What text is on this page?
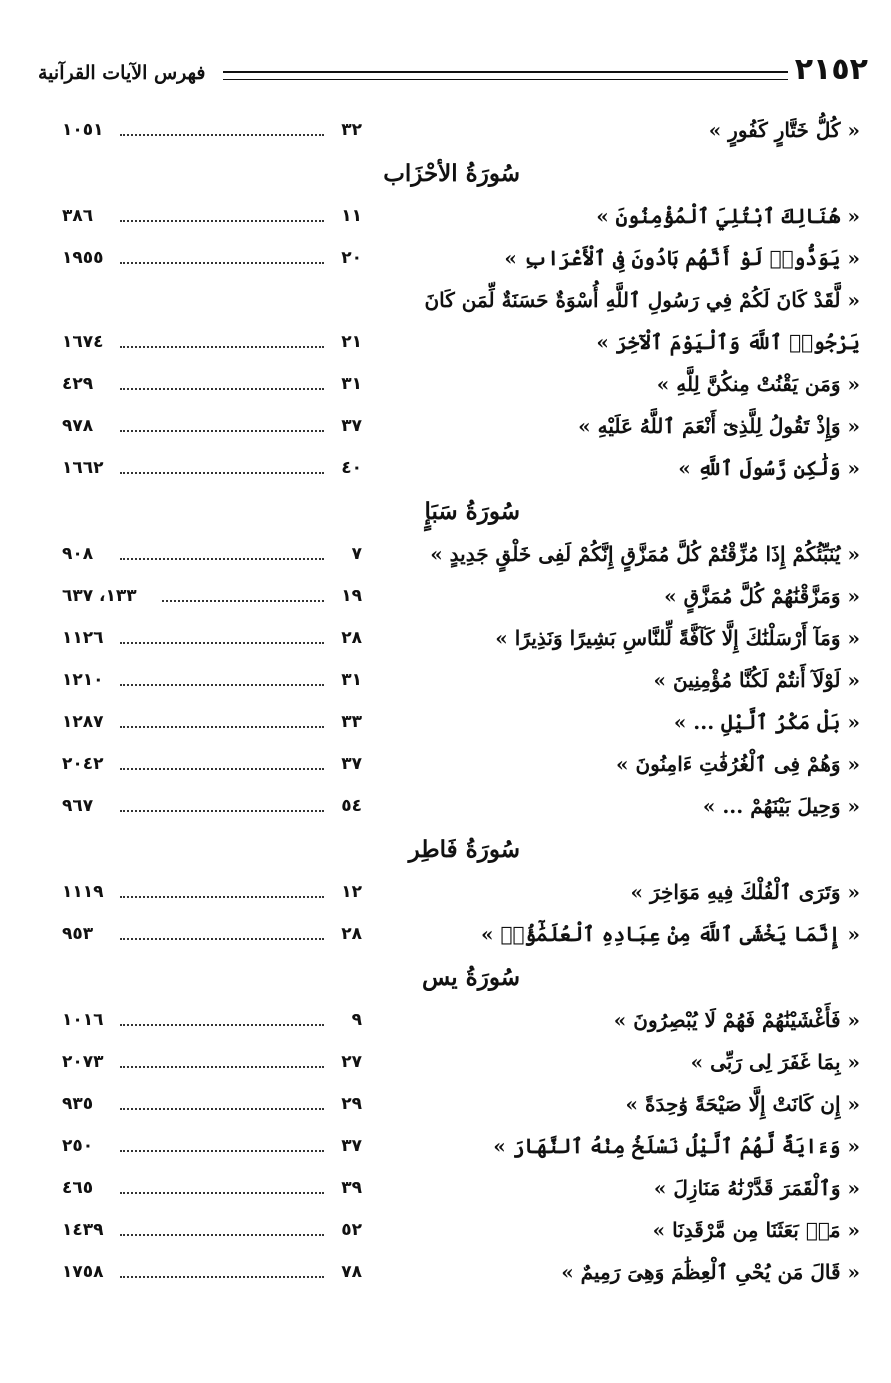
٢١٥٢
فهرس الآيات القرآنية
« كُلُّ خَتَّارٍ كَفُورٍ »
٣٢
١٠٥١
سُورَةُ الأحْزَاب
« هُنَالِكَ ٱبْتُلِيَ ٱلْمُؤْمِنُونَ »
١١
٣٨٦
« يَوَدُّوا۟ لَوْ أَنَّهُم بَادُونَ فِى ٱلْأَعْرَابِ »
٢٠
١٩٥٥
« لَّقَدْ كَانَ لَكُمْ فِي رَسُولِ ٱللَّهِ أُسْوَةٌ حَسَنَةٌ لِّمَن كَانَ
يَرْجُوا۟ ٱللَّهَ وَٱلْيَوْمَ ٱلْآخِرَ »
٢١
١٦٧٤
« وَمَن يَقْنُتْ مِنكُنَّ لِلَّهِ »
٣١
٤٢٩
« وَإِذْ تَقُولُ لِلَّذِىٓ أَنْعَمَ ٱللَّهُ عَلَيْهِ »
٣٧
٩٧٨
« وَلَٰكِن رَّسُولَ ٱللَّهِ »
٤٠
١٦٦٢
سُورَةُ سَبَإٍ
« يُنَبِّئُكُمْ إِذَا مُزِّقْتُمْ كُلَّ مُمَزَّقٍ إِنَّكُمْ لَفِى خَلْقٍ جَدِيدٍ »
٧
٩٠٨
« وَمَزَّقْنَٰهُمْ كُلَّ مُمَزَّقٍ »
١٩
١٣٣، ٦٣٧
« وَمَآ أَرْسَلْنَٰكَ إِلَّا كَآفَّةً لِّلنَّاسِ بَشِيرًا وَنَذِيرًا »
٢٨
١١٢٦
« لَوْلَآ أَنتُمْ لَكُنَّا مُؤْمِنِينَ »
٣١
١٢١٠
« بَلْ مَكْرُ ٱلَّيْلِ ... »
٣٣
١٢٨٧
« وَهُمْ فِى ٱلْغُرُفَٰتِ ءَامِنُونَ »
٣٧
٢٠٤٢
« وَحِيلَ بَيْنَهُمْ ... »
٥٤
٩٦٧
سُورَةُ فَاطِر
« وَتَرَى ٱلْفُلْكَ فِيهِ مَوَاخِرَ »
١٢
١١١٩
« إِنَّمَا يَخْشَى ٱللَّهَ مِنْ عِبَادِهِ ٱلْعُلَمَٰٓؤُا۟ »
٢٨
٩٥٣
سُورَةُ يس
« فَأَغْشَيْنَٰهُمْ فَهُمْ لَا يُبْصِرُونَ »
٩
١٠١٦
« بِمَا غَفَرَ لِى رَبِّى »
٢٧
٢٠٧٣
« إِن كَانَتْ إِلَّا صَيْحَةً وَٰحِدَةً »
٢٩
٩٣٥
« وَءَايَةٌ لَّهُمُ ٱلَّيْلُ نَسْلَخُ مِنْهُ ٱلنَّهَارَ »
٣٧
٢٥٠
« وَٱلْقَمَرَ قَدَّرْنَٰهُ مَنَازِلَ »
٣٩
٤٦٥
« مَنۢ بَعَثَنَا مِن مَّرْقَدِنَا »
٥٢
١٤٣٩
« قَالَ مَن يُحْىِ ٱلْعِظَٰمَ وَهِىَ رَمِيمٌ »
٧٨
١٧٥٨
